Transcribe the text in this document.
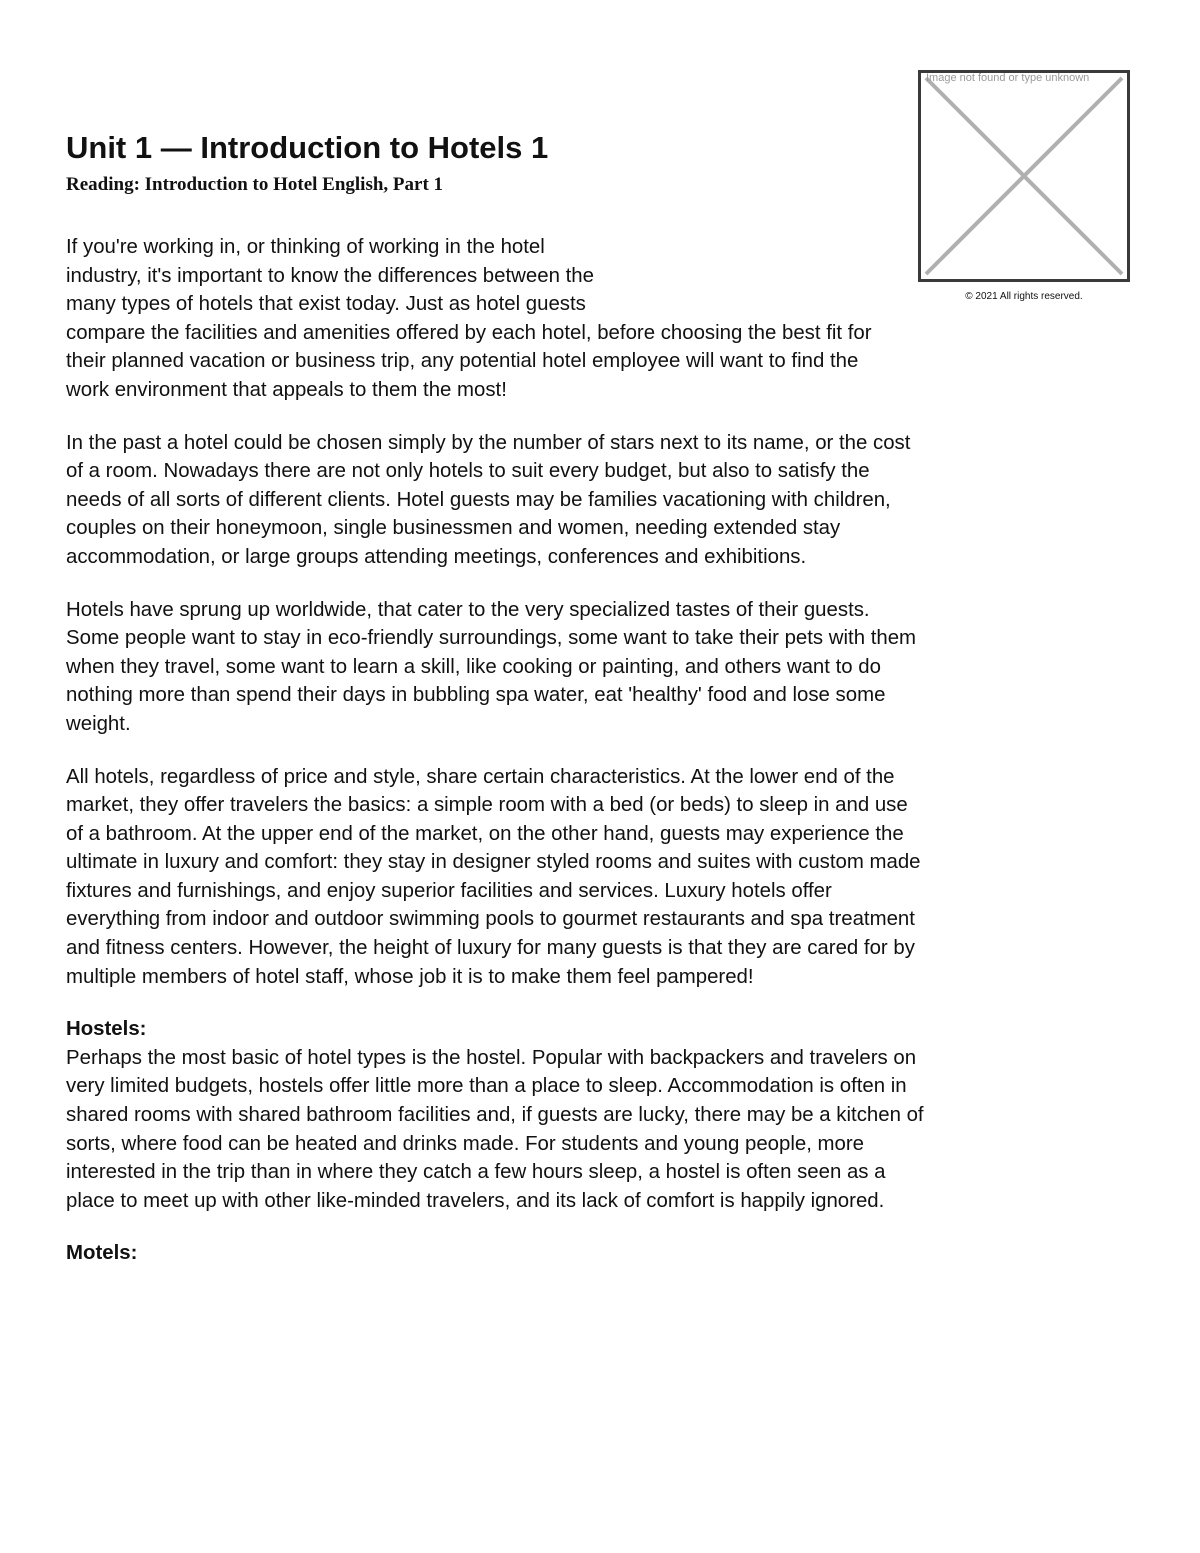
Unit 1 — Introduction to Hotels 1
Reading: Introduction to Hotel English, Part 1
Image not found or type unknown
© 2021 All rights reserved.

If you're working in, or thinking of working in the hotel
industry, it's important to know the differences between the
many types of hotels that exist today. Just as hotel guests
compare the facilities and amenities offered by each hotel, before choosing the best fit for their planned vacation or business trip, any potential hotel employee will want to find the work environment that appeals to them the most!

In the past a hotel could be chosen simply by the number of stars next to its name, or the cost of a room. Nowadays there are not only hotels to suit every budget, but also to satisfy the needs of all sorts of different clients. Hotel guests may be families vacationing with children, couples on their honeymoon, single businessmen and women, needing extended stay accommodation, or large groups attending meetings, conferences and exhibitions.

Hotels have sprung up worldwide, that cater to the very specialized tastes of their guests. Some people want to stay in eco-friendly surroundings, some want to take their pets with them when they travel, some want to learn a skill, like cooking or painting, and others want to do nothing more than spend their days in bubbling spa water, eat 'healthy' food and lose some weight.

All hotels, regardless of price and style, share certain characteristics. At the lower end of the market, they offer travelers the basics: a simple room with a bed (or beds) to sleep in and use of a bathroom. At the upper end of the market, on the other hand, guests may experience the ultimate in luxury and comfort: they stay in designer styled rooms and suites with custom made fixtures and furnishings, and enjoy superior facilities and services. Luxury hotels offer everything from indoor and outdoor swimming pools to gourmet restaurants and spa treatment and fitness centers. However, the height of luxury for many guests is that they are cared for by multiple members of hotel staff, whose job it is to make them feel pampered!

Hostels:
Perhaps the most basic of hotel types is the hostel. Popular with backpackers and travelers on very limited budgets, hostels offer little more than a place to sleep. Accommodation is often in shared rooms with shared bathroom facilities and, if guests are lucky, there may be a kitchen of sorts, where food can be heated and drinks made. For students and young people, more interested in the trip than in where they catch a few hours sleep, a hostel is often seen as a place to meet up with other like-minded travelers, and its lack of comfort is happily ignored.

Motels:
